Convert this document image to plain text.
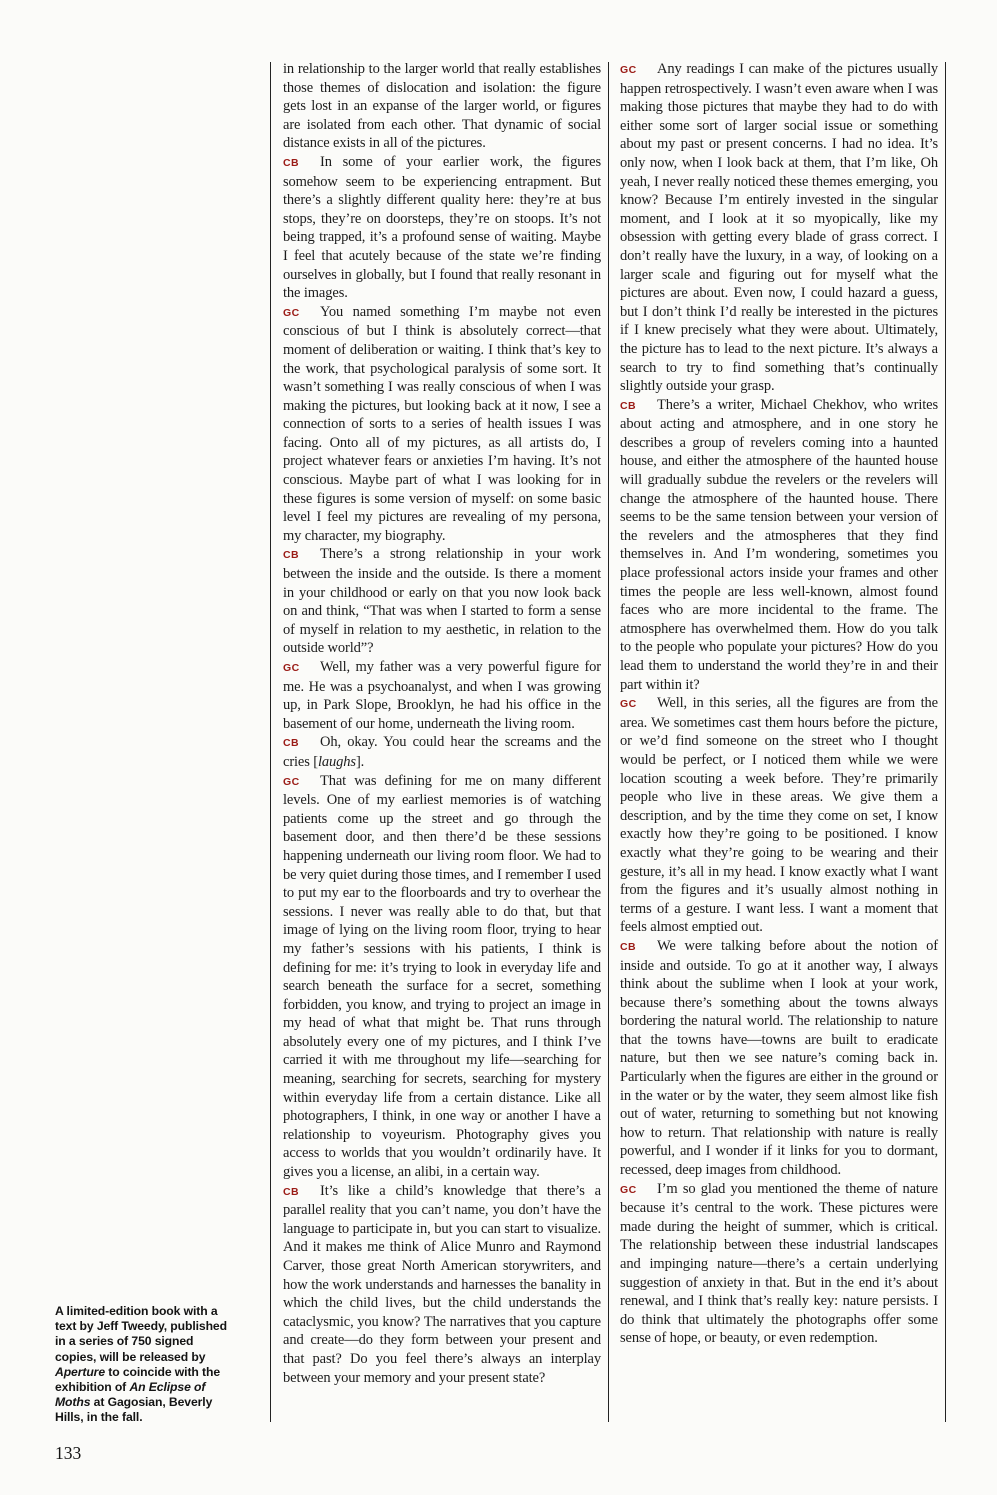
in relationship to the larger world that really establishes those themes of dislocation and isolation: the figure gets lost in an expanse of the larger world, or figures are isolated from each other. That dynamic of social distance exists in all of the pictures.

CB In some of your earlier work, the figures somehow seem to be experiencing entrapment. But there’s a slightly different quality here: they’re at bus stops, they’re on doorsteps, they’re on stoops. It’s not being trapped, it’s a profound sense of waiting. Maybe I feel that acutely because of the state we’re finding ourselves in globally, but I found that really resonant in the images.

GC You named something I’m maybe not even conscious of but I think is absolutely correct—that moment of deliberation or waiting. I think that’s key to the work, that psychological paralysis of some sort. It wasn’t something I was really conscious of when I was making the pictures, but looking back at it now, I see a connection of sorts to a series of health issues I was facing. Onto all of my pictures, as all artists do, I project whatever fears or anxieties I’m having. It’s not conscious. Maybe part of what I was looking for in these figures is some version of myself: on some basic level I feel my pictures are revealing of my persona, my character, my biography.

CB There’s a strong relationship in your work between the inside and the outside. Is there a moment in your childhood or early on that you now look back on and think, “That was when I started to form a sense of myself in relation to my aesthetic, in relation to the outside world”?

GC Well, my father was a very powerful figure for me. He was a psychoanalyst, and when I was growing up, in Park Slope, Brooklyn, he had his office in the basement of our home, underneath the living room.

CB Oh, okay. You could hear the screams and the cries [laughs].

GC That was defining for me on many different levels. One of my earliest memories is of watching patients come up the street and go through the basement door, and then there’d be these sessions happening underneath our living room floor. We had to be very quiet during those times, and I remember I used to put my ear to the floorboards and try to overhear the sessions. I never was really able to do that, but that image of lying on the living room floor, trying to hear my father’s sessions with his patients, I think is defining for me: it’s trying to look in everyday life and search beneath the surface for a secret, something forbidden, you know, and trying to project an image in my head of what that might be. That runs through absolutely every one of my pictures, and I think I’ve carried it with me throughout my life—searching for meaning, searching for secrets, searching for mystery within everyday life from a certain distance. Like all photographers, I think, in one way or another I have a relationship to voyeurism. Photography gives you access to worlds that you wouldn’t ordinarily have. It gives you a license, an alibi, in a certain way.

CB It’s like a child’s knowledge that there’s a parallel reality that you can’t name, you don’t have the language to participate in, but you can start to visualize. And it makes me think of Alice Munro and Raymond Carver, those great North American storywriters, and how the work understands and harnesses the banality in which the child lives, but the child understands the cataclysmic, you know? The narratives that you capture and create—do they form between your present and that past? Do you feel there’s always an interplay between your memory and your present state?

GC Any readings I can make of the pictures usually happen retrospectively. I wasn’t even aware when I was making those pictures that maybe they had to do with either some sort of larger social issue or something about my past or present concerns. I had no idea. It’s only now, when I look back at them, that I’m like, Oh yeah, I never really noticed these themes emerging, you know? Because I’m entirely invested in the singular moment, and I look at it so myopically, like my obsession with getting every blade of grass correct. I don’t really have the luxury, in a way, of looking on a larger scale and figuring out for myself what the pictures are about. Even now, I could hazard a guess, but I don’t think I’d really be interested in the pictures if I knew precisely what they were about. Ultimately, the picture has to lead to the next picture. It’s always a search to try to find something that’s continually slightly outside your grasp.

CB There’s a writer, Michael Chekhov, who writes about acting and atmosphere, and in one story he describes a group of revelers coming into a haunted house, and either the atmosphere of the haunted house will gradually subdue the revelers or the revelers will change the atmosphere of the haunted house. There seems to be the same tension between your version of the revelers and the atmospheres that they find themselves in. And I’m wondering, sometimes you place professional actors inside your frames and other times the people are less well-known, almost found faces who are more incidental to the frame. The atmosphere has overwhelmed them. How do you talk to the people who populate your pictures? How do you lead them to understand the world they’re in and their part within it?

GC Well, in this series, all the figures are from the area. We sometimes cast them hours before the picture, or we’d find someone on the street who I thought would be perfect, or I noticed them while we were location scouting a week before. They’re primarily people who live in these areas. We give them a description, and by the time they come on set, I know exactly how they’re going to be positioned. I know exactly what they’re going to be wearing and their gesture, it’s all in my head. I know exactly what I want from the figures and it’s usually almost nothing in terms of a gesture. I want less. I want a moment that feels almost emptied out.

CB We were talking before about the notion of inside and outside. To go at it another way, I always think about the sublime when I look at your work, because there’s something about the towns always bordering the natural world. The relationship to nature that the towns have—towns are built to eradicate nature, but then we see nature’s coming back in. Particularly when the figures are either in the ground or in the water or by the water, they seem almost like fish out of water, returning to something but not knowing how to return. That relationship with nature is really powerful, and I wonder if it links for you to dormant, recessed, deep images from childhood.

GC I’m so glad you mentioned the theme of nature because it’s central to the work. These pictures were made during the height of summer, which is critical. The relationship between these industrial landscapes and impinging nature—there’s a certain underlying suggestion of anxiety in that. But in the end it’s about renewal, and I think that’s really key: nature persists. I do think that ultimately the photographs offer some sense of hope, or beauty, or even redemption.

A limited-edition book with a text by Jeff Tweedy, published in a series of 750 signed copies, will be released by Aperture to coincide with the exhibition of An Eclipse of Moths at Gagosian, Beverly Hills, in the fall.
133
